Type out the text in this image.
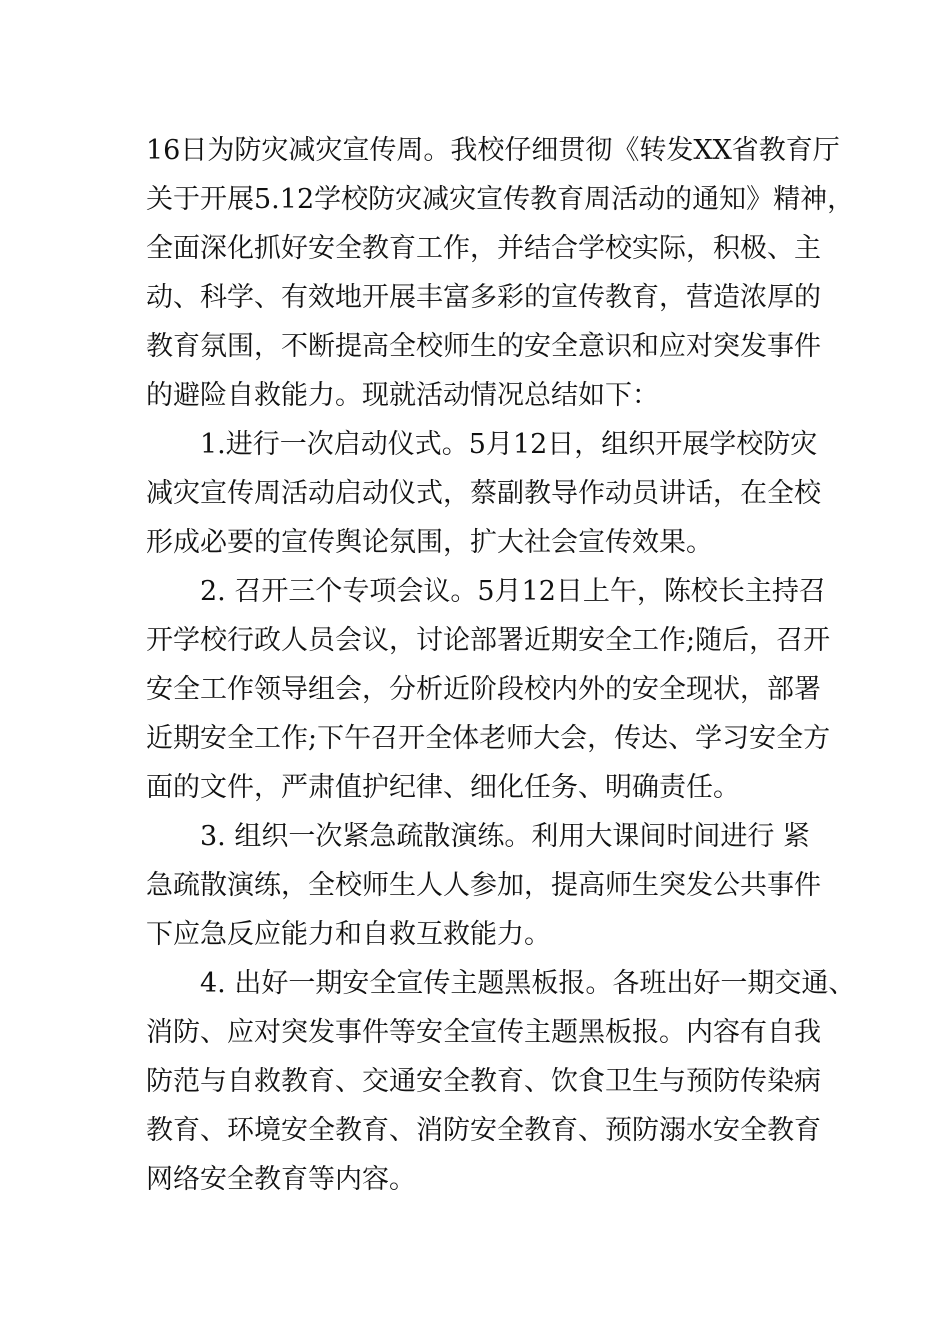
16日为防灾减灾宣传周。我校仔细贯彻《转发XX省教育厅
关于开展5.12学校防灾减灾宣传教育周活动的通知》精神，
全面深化抓好安全教育工作，并结合学校实际，积极、主
动、科学、有效地开展丰富多彩的宣传教育，营造浓厚的
教育氛围，不断提高全校师生的安全意识和应对突发事件
的避险自救能力。现就活动情况总结如下：
　　1.进行一次启动仪式。5月12日，组织开展学校防灾
减灾宣传周活动启动仪式，蔡副教导作动员讲话，在全校
形成必要的宣传舆论氛围，扩大社会宣传效果。
　　2. 召开三个专项会议。5月12日上午，陈校长主持召
开学校行政人员会议，讨论部署近期安全工作;随后，召开
安全工作领导组会，分析近阶段校内外的安全现状，部署
近期安全工作;下午召开全体老师大会，传达、学习安全方
面的文件，严肃值护纪律、细化任务、明确责任。
　　3. 组织一次紧急疏散演练。利用大课间时间进行 紧
急疏散演练，全校师生人人参加，提高师生突发公共事件
下应急反应能力和自救互救能力。
　　4. 出好一期安全宣传主题黑板报。各班出好一期交通、
消防、应对突发事件等安全宣传主题黑板报。内容有自我
防范与自救教育、交通安全教育、饮食卫生与预防传染病
教育、环境安全教育、消防安全教育、预防溺水安全教育
网络安全教育等内容。
